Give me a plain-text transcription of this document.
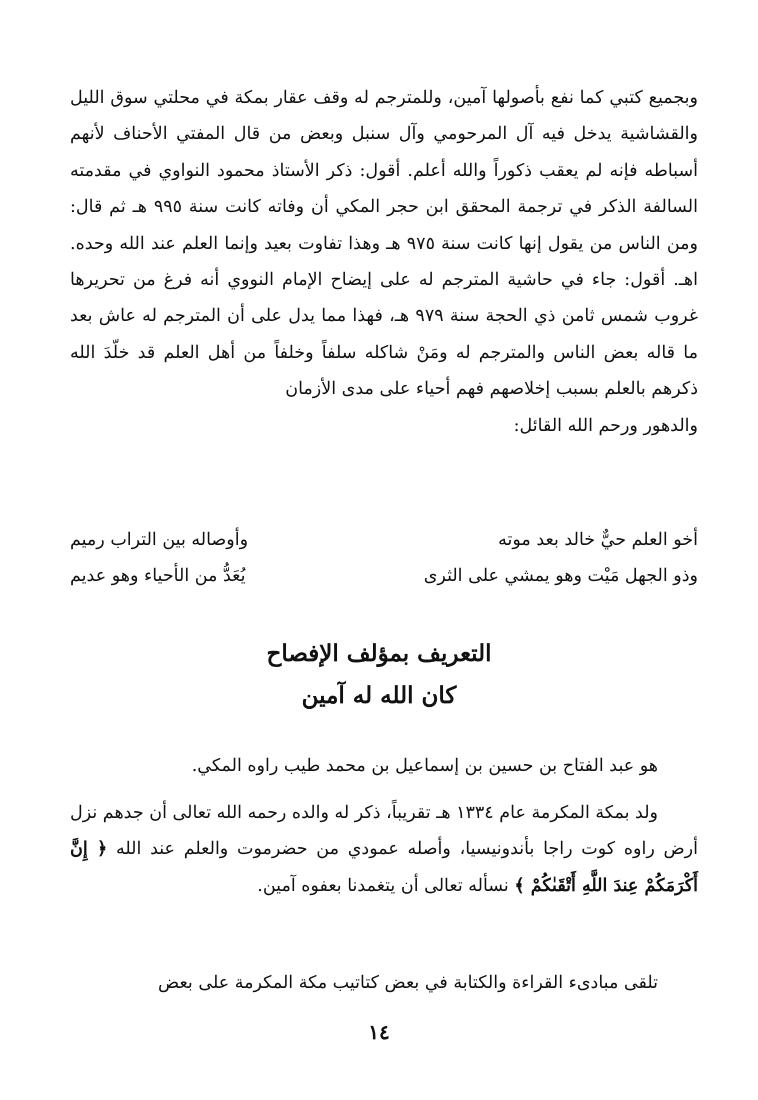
وبجميع كتبي كما نفع بأصولها آمين، وللمترجم له وقف عقار بمكة في محلتي سوق الليل والقشاشية يدخل فيه آل المرحومي وآل سنبل وبعض من قال المفتي الأحناف لأنهم أسباطه فإنه لم يعقب ذكوراً والله أعلم. أقول: ذكر الأستاذ محمود النواوي في مقدمته السالفة الذكر في ترجمة المحقق ابن حجر المكي أن وفاته كانت سنة ٩٩٥ هـ ثم قال: ومن الناس من يقول إنها كانت سنة ٩٧٥ هـ وهذا تفاوت بعيد وإنما العلم عند الله وحده. اهـ. أقول: جاء في حاشية المترجم له على إيضاح الإمام النووي أنه فرغ من تحريرها غروب شمس ثامن ذي الحجة سنة ٩٧٩ هـ، فهذا مما يدل على أن المترجم له عاش بعد ما قاله بعض الناس والمترجم له ومَنْ شاكله سلفاً وخلفاً من أهل العلم قد خلّدَ الله ذكرهم بالعلم بسبب إخلاصهم فهم أحياء على مدى الأزمان
والدهور ورحم الله القائل:
أخو العلم حيٌّ خالد بعد موته
وأوصاله بين التراب رميم
وذو الجهل مَيْت وهو يمشي على الثرى
يُعَدُّ من الأحياء وهو عديم
التعريف بمؤلف الإفصاح
كان الله له آمين
هو عبد الفتاح بن حسين بن إسماعيل بن محمد طيب راوه المكي.
ولد بمكة المكرمة عام ١٣٣٤ هـ تقريباً، ذكر له والده رحمه الله تعالى أن جدهم نزل أرض راوه كوت راجا بأندونيسيا، وأصله عمودي من حضرموت والعلم عند الله ﴿ إِنَّ أَكْرَمَكُمْ عِندَ اللَّهِ أَتْقَىٰكُمْ ﴾ نسأله تعالى أن يتغمدنا بعفوه آمين.
تلقى مبادىء القراءة والكتابة في بعض كتاتيب مكة المكرمة على بعض
١٤
